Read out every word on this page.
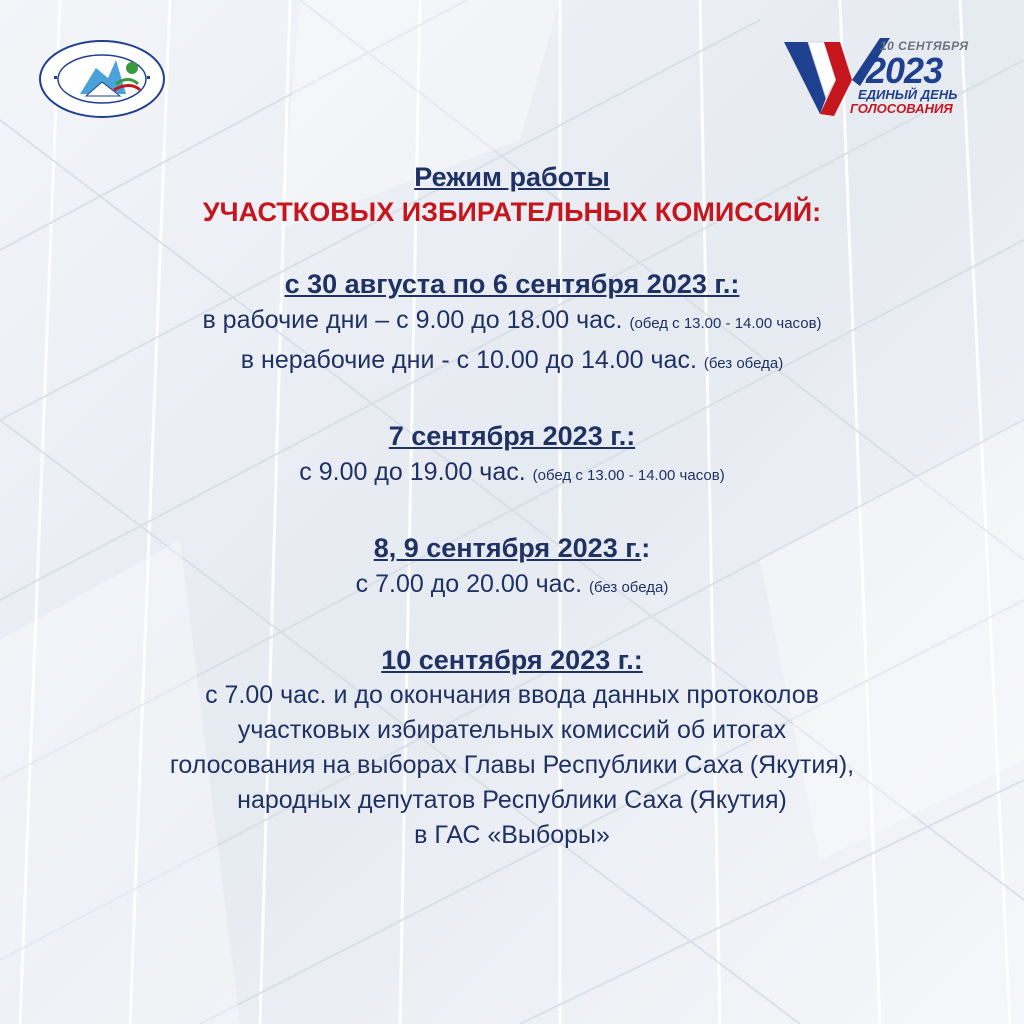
10 СЕНТЯБРЯ
2023
ЕДИНЫЙ ДЕНЬ
ГОЛОСОВАНИЯ
Режим работы
УЧАСТКОВЫХ ИЗБИРАТЕЛЬНЫХ КОМИССИЙ:
с 30 августа по 6 сентября 2023 г.:
в рабочие дни – с 9.00 до 18.00 час. (обед с 13.00 - 14.00 часов)
в нерабочие дни - с 10.00 до 14.00 час. (без обеда)
7 сентября 2023 г.:
с 9.00 до 19.00 час. (обед с 13.00 - 14.00 часов)
8, 9 сентября 2023 г.:
с 7.00 до 20.00 час. (без обеда)
10 сентября 2023 г.:
с 7.00 час. и до окончания ввода данных протоколов
участковых избирательных комиссий об итогах
голосования на выборах Главы Республики Саха (Якутия),
народных депутатов Республики Саха (Якутия)
в ГАС «Выборы»
